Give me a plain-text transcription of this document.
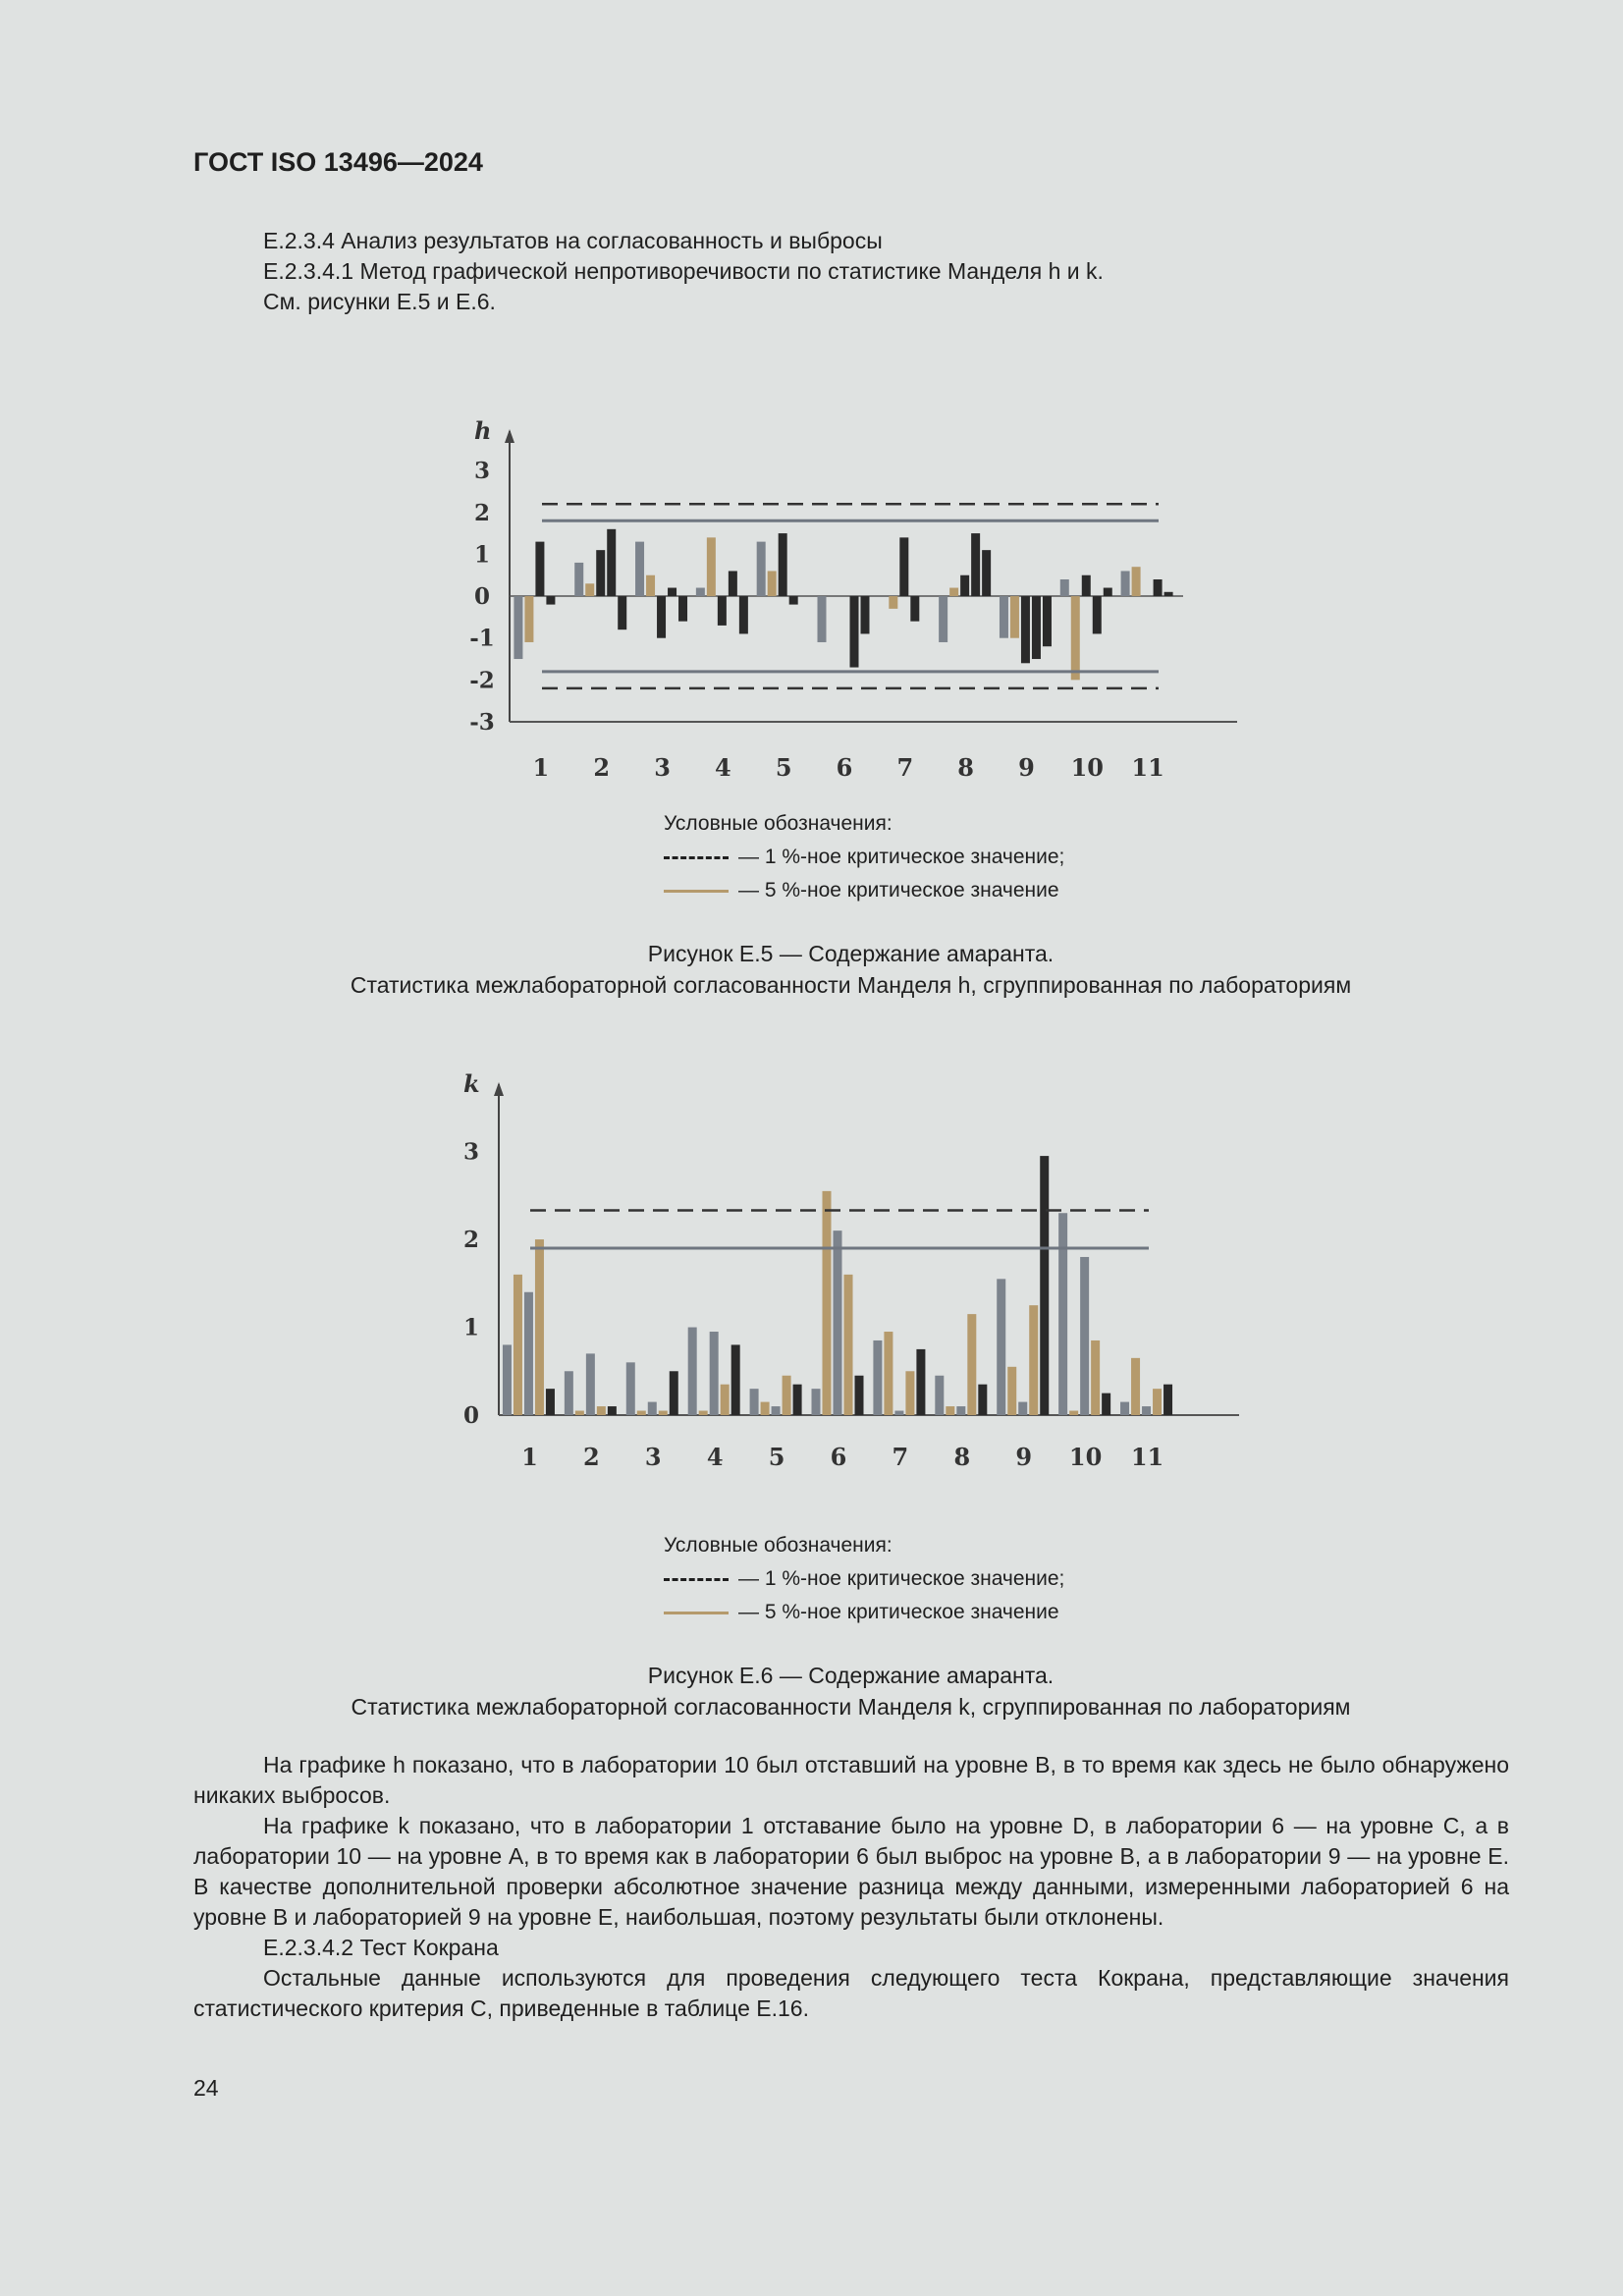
ГОСТ ISO 13496—2024
E.2.3.4 Анализ результатов на согласованность и выбросы
E.2.3.4.1 Метод графической непротиворечивости по статистике Манделя h и k.
См. рисунки E.5 и E.6.
h
3
2
1
0
-1
-2
-3
1 2 3 4 5 6 7 8 9 10 11
Условные обозначения:
— 1 %-ное критическое значение;
— 5 %-ное критическое значение
Рисунок E.5 — Содержание амаранта.
Статистика межлабораторной согласованности Манделя h, сгруппированная по лабораториям
k
3
2
1
0
1 2 3 4 5 6 7 8 9 10 11
Условные обозначения:
— 1 %-ное критическое значение;
— 5 %-ное критическое значение
Рисунок E.6 — Содержание амаранта.
Статистика межлабораторной согласованности Манделя k, сгруппированная по лабораториям

На графике h показано, что в лаборатории 10 был отставший на уровне B, в то время как здесь не было обнаружено никаких выбросов.

На графике k показано, что в лаборатории 1 отставание было на уровне D, в лаборатории 6 — на уровне C, а в лаборатории 10 — на уровне A, в то время как в лаборатории 6 был выброс на уровне B, а в лаборатории 9 — на уровне E. В качестве дополнительной проверки абсолютное значение разница между данными, измеренными лабораторией 6 на уровне B и лабораторией 9 на уровне E, наибольшая, поэтому результаты были отклонены.

E.2.3.4.2 Тест Кокрана

Остальные данные используются для проведения следующего теста Кокрана, представляющие значения статистического критерия C, приведенные в таблице E.16.

24
